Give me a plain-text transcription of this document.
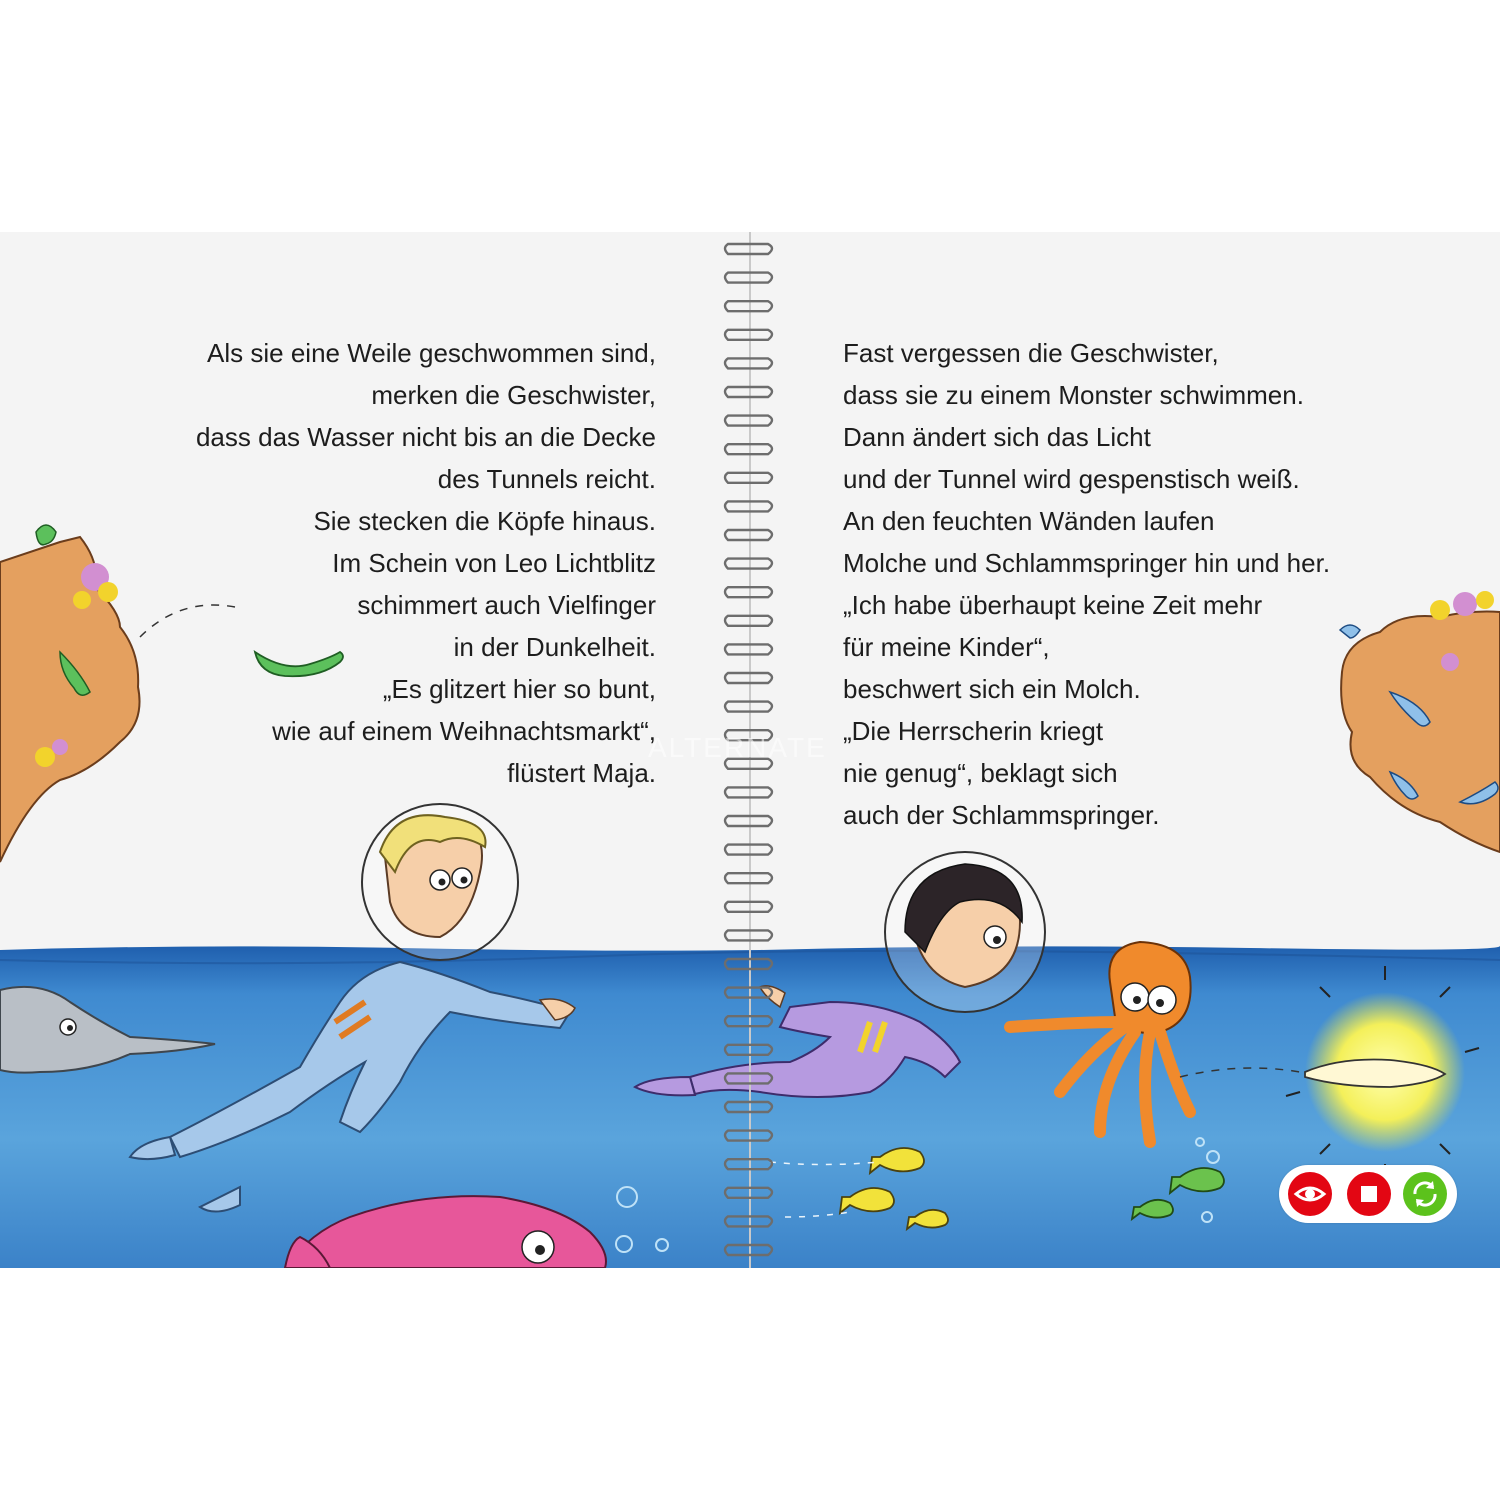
Als sie eine Weile geschwommen sind,
merken die Geschwister,
dass das Wasser nicht bis an die Decke
des Tunnels reicht.
Sie stecken die Köpfe hinaus.
Im Schein von Leo Lichtblitz
schimmert auch Vielfinger
in der Dunkelheit.
„Es glitzert hier so bunt,
wie auf einem Weihnachtsmarkt“,
flüstert Maja.
Fast vergessen die Geschwister,
dass sie zu einem Monster schwimmen.
Dann ändert sich das Licht
und der Tunnel wird gespenstisch weiß.
An den feuchten Wänden laufen
Molche und Schlammspringer hin und her.
„Ich habe überhaupt keine Zeit mehr
für meine Kinder“,
beschwert sich ein Molch.
„Die Herrscherin kriegt
nie genug“, beklagt sich
auch der Schlammspringer.
ALTERNATE
